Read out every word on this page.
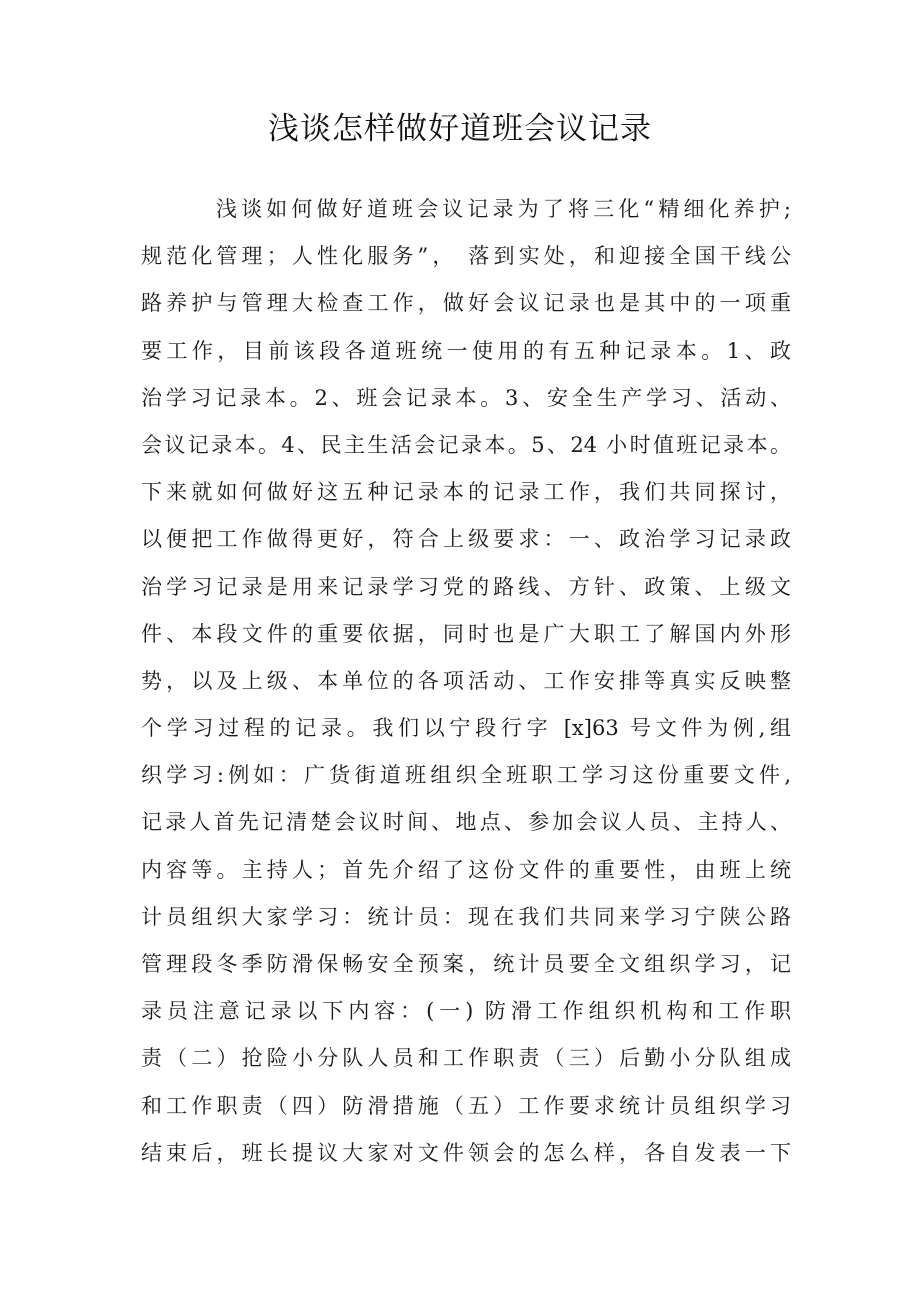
浅谈怎样做好道班会议记录
浅谈如何做好道班会议记录为了将三化“精细化养护;
规范化管理；人性化服务”， 落到实处，和迎接全国干线公
路养护与管理大检查工作，做好会议记录也是其中的一项重
要工作，目前该段各道班统一使用的有五种记录本。1、政
治学习记录本。2、班会记录本。3、安全生产学习、活动、
会议记录本。4、民主生活会记录本。5、24 小时值班记录本。
下来就如何做好这五种记录本的记录工作，我们共同探讨，
以便把工作做得更好，符合上级要求：一、政治学习记录政
治学习记录是用来记录学习党的路线、方针、政策、上级文
件、本段文件的重要依据，同时也是广大职工了解国内外形
势，以及上级、本单位的各项活动、工作安排等真实反映整
个学习过程的记录。我们以宁段行字 [x]63 号文件为例,组
织学习:例如：广货街道班组织全班职工学习这份重要文件,
记录人首先记清楚会议时间、地点、参加会议人员、主持人、
内容等。主持人；首先介绍了这份文件的重要性，由班上统
计员组织大家学习：统计员：现在我们共同来学习宁陕公路
管理段冬季防滑保畅安全预案，统计员要全文组织学习，记
录员注意记录以下内容：(一) 防滑工作组织机构和工作职
责（二）抢险小分队人员和工作职责（三）后勤小分队组成
和工作职责（四）防滑措施（五）工作要求统计员组织学习
结束后，班长提议大家对文件领会的怎么样，各自发表一下
